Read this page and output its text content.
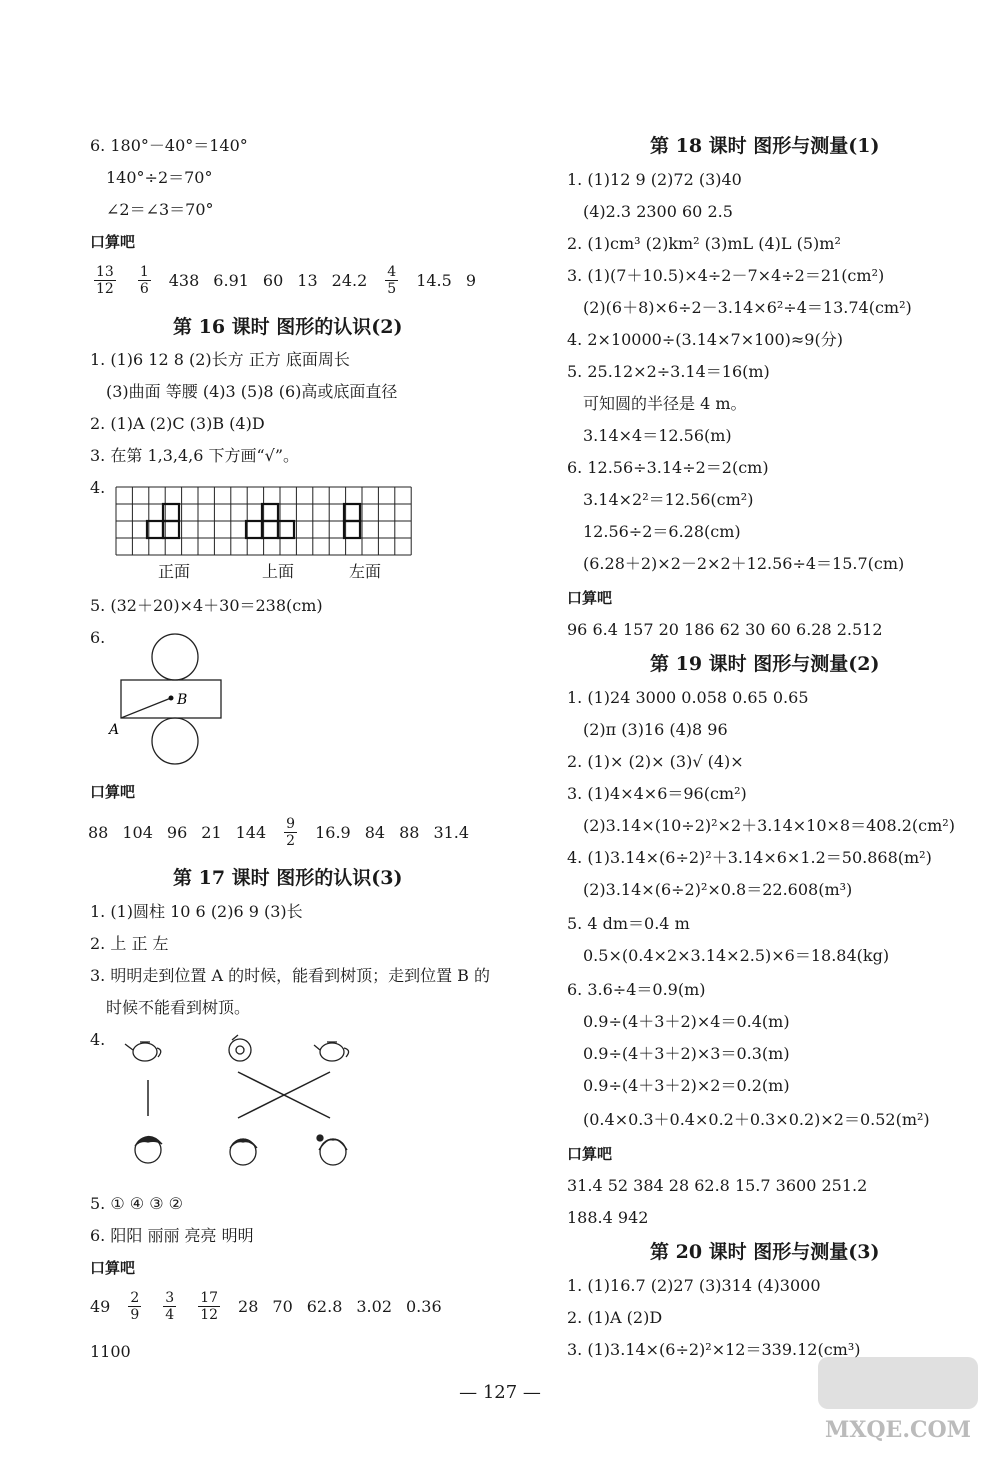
6. 180°－40°＝140°
140°÷2＝70°
∠2＝∠3＝70°
口算吧
$\frac{13}{12} \frac{1}{6} 438$ 6.91 60 13 $24.2 \frac{4}{5} 14.5$ 9
第 16 课时 图形的认识(2)
1. (1)6 12 8 (2)长方 正方 底面周长
(3)曲面 等腰 (4)3 (5)8 (6)高或底面直径
2. (1)A (2)C (3)B (4)D
3. 在第 1,3,4,6 下方画“√”。
4.
正面	上面	左面
5. (32＋20)×4＋30＝238(cm)
6.
B
A
口算吧
88 104 96 21 $144 \frac{9}{2} 16.9$ 84 88 31.4
第 17 课时 图形的认识(3)
1. (1)圆柱 10 6 (2)6 9 (3)长
2. 上 正 左
3. 明明走到位置 A 的时候，能看到树顶；走到位置 B 的
时候不能看到树顶。
4.
5. ① ④ ③ ②
6. 阳阳 丽丽 亮亮 明明
口算吧
$49 \frac{2}{9} \frac{3}{4} \frac{17}{12} 28$ 70 62.8 3.02 0.36
1100
第 18 课时 图形与测量(1)
1. (1)12 9 (2)72 (3)40
(4)2.3 2300 60 2.5
2. (1)cm³ (2)km² (3)mL (4)L (5)m²
3. (1)(7＋10.5)×4÷2－7×4÷2＝21(cm²)
(2)(6＋8)×6÷2－3.14×6²÷4＝13.74(cm²)
4. 2×10000÷(3.14×7×100)≈9(分)
5. 25.12×2÷3.14＝16(m)
可知圆的半径是 4 m。
3.14×4＝12.56(m)
6. 12.56÷3.14÷2＝2(cm)
3.14×2²＝12.56(cm²)
12.56÷2＝6.28(cm)
(6.28＋2)×2－2×2＋12.56÷4＝15.7(cm)
口算吧
96 6.4 157 20 186 62 30 60 6.28 2.512
第 19 课时 图形与测量(2)
1. (1)24 3000 0.058 0.65 0.65
(2)π (3)16 (4)8 96
2. (1)× (2)× (3)√ (4)×
3. (1)4×4×6＝96(cm²)
(2)3.14×(10÷2)²×2＋3.14×10×8＝408.2(cm²)
4. (1)3.14×(6÷2)²＋3.14×6×1.2＝50.868(m²)
(2)3.14×(6÷2)²×0.8＝22.608(m³)
5. 4 dm＝0.4 m
0.5×(0.4×2×3.14×2.5)×6＝18.84(kg)
6. 3.6÷4＝0.9(m)
0.9÷(4＋3＋2)×4＝0.4(m)
0.9÷(4＋3＋2)×3＝0.3(m)
0.9÷(4＋3＋2)×2＝0.2(m)
(0.4×0.3＋0.4×0.2＋0.3×0.2)×2＝0.52(m²)
口算吧
31.4 52 384 28 62.8 15.7 3600 251.2
188.4 942
第 20 课时 图形与测量(3)
1. (1)16.7 (2)27 (3)314 (4)3000
2. (1)A (2)D
3. (1)3.14×(6÷2)²×12＝339.12(cm³)
— 127 —
MXQE.COM
